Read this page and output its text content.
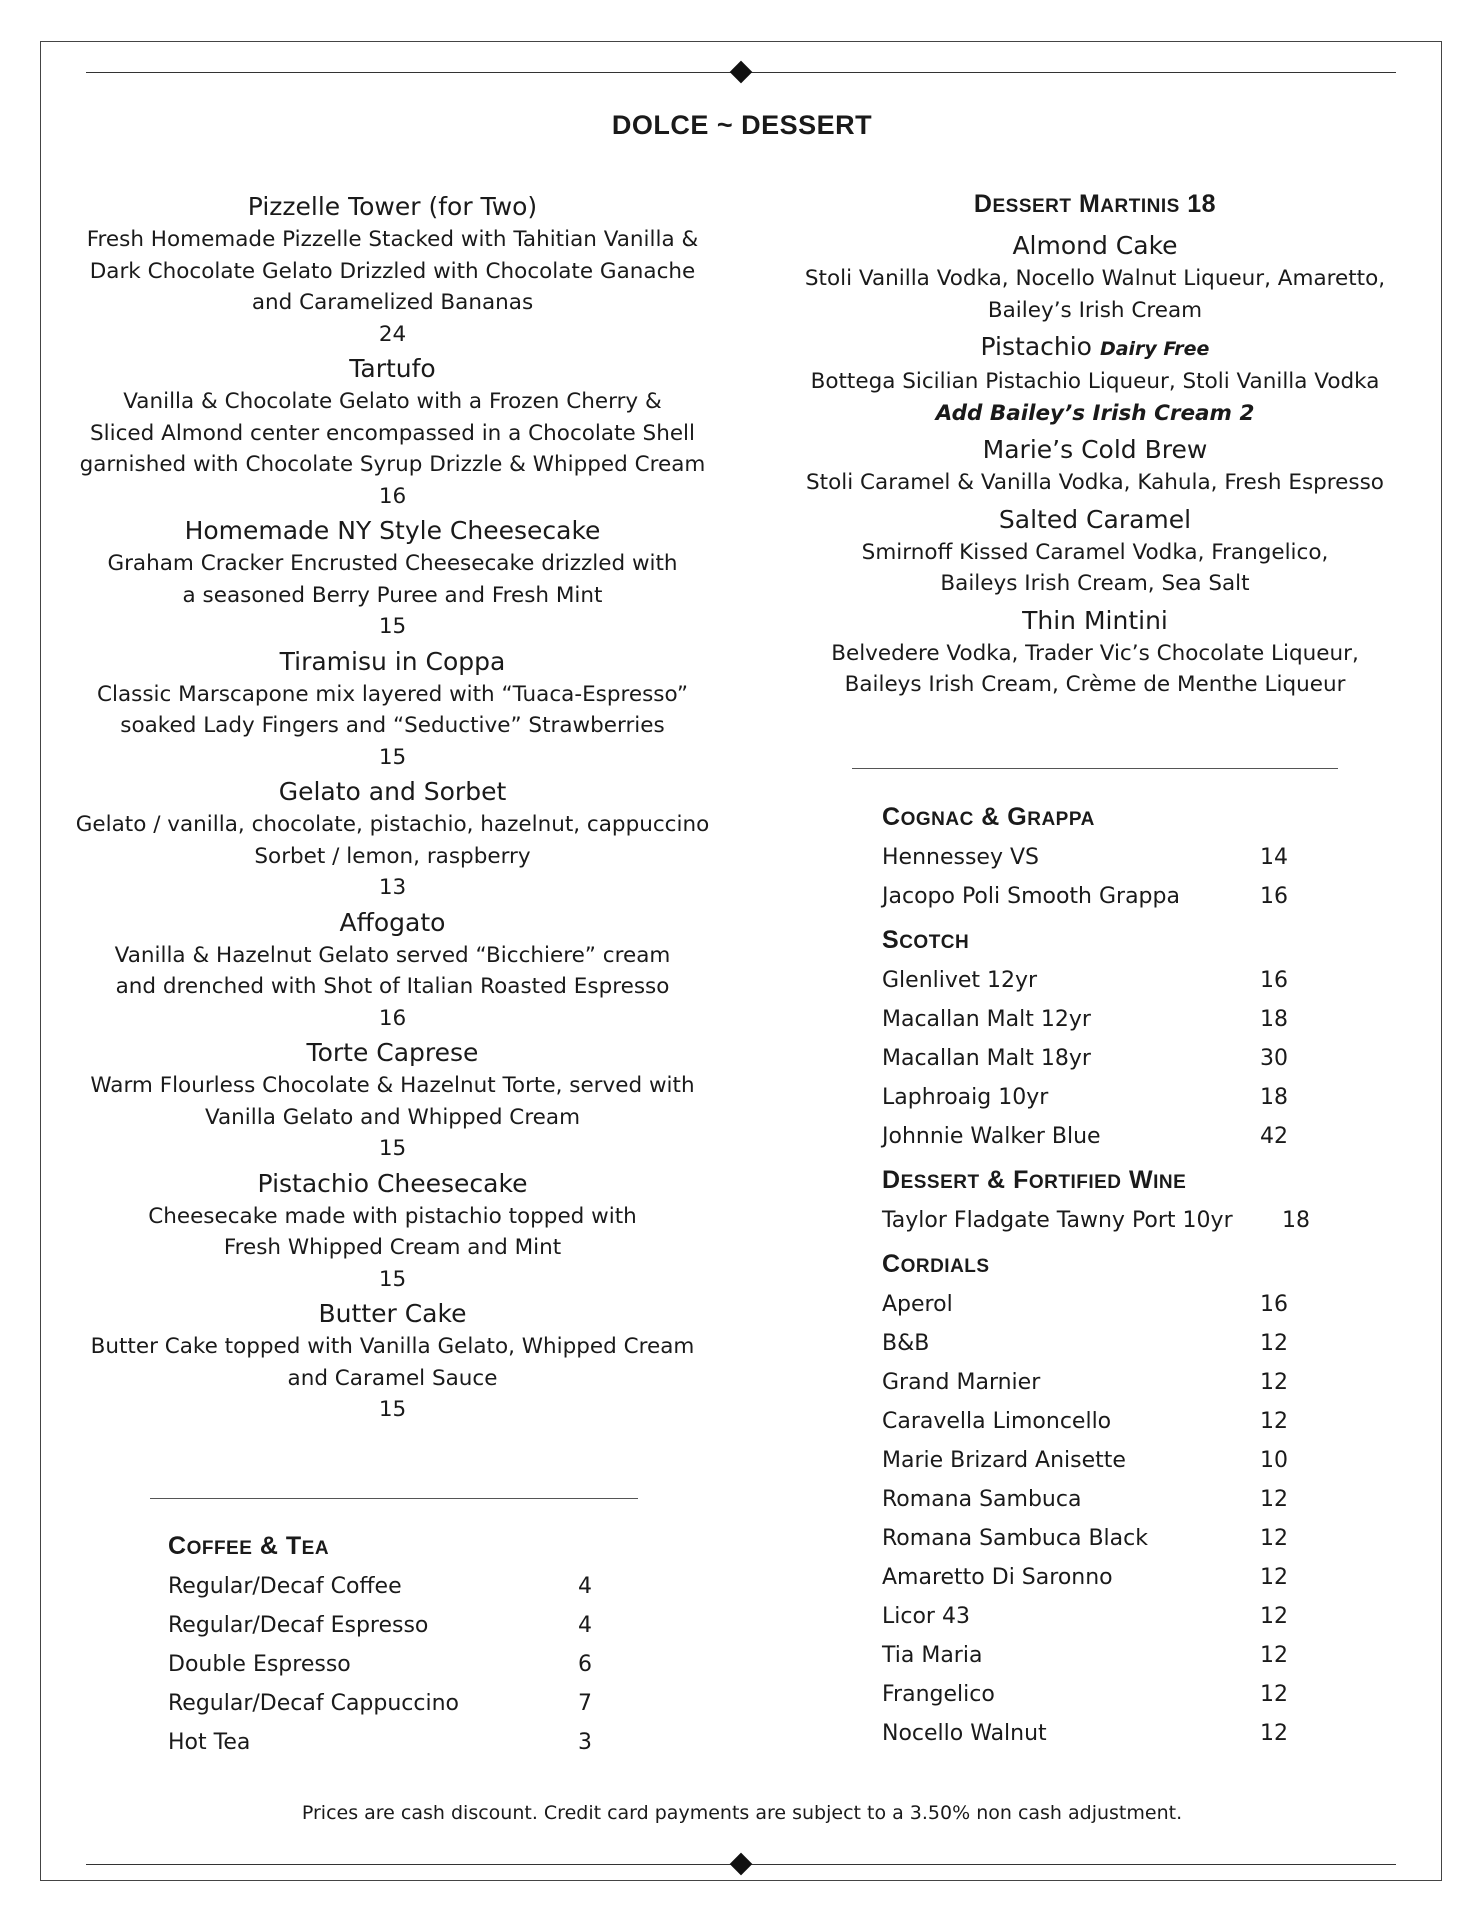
DOLCE ~ DESSERT
Pizzelle Tower (for Two)
Fresh Homemade Pizzelle Stacked with Tahitian Vanilla &
Dark Chocolate Gelato Drizzled with Chocolate Ganache
and Caramelized Bananas
24
Tartufo
Vanilla & Chocolate Gelato with a Frozen Cherry &
Sliced Almond center encompassed in a Chocolate Shell
garnished with Chocolate Syrup Drizzle & Whipped Cream
16
Homemade NY Style Cheesecake
Graham Cracker Encrusted Cheesecake drizzled with
a seasoned Berry Puree and Fresh Mint
15
Tiramisu in Coppa
Classic Marscapone mix layered with “Tuaca-Espresso”
soaked Lady Fingers and “Seductive” Strawberries
15
Gelato and Sorbet
Gelato / vanilla, chocolate, pistachio, hazelnut, cappuccino
Sorbet / lemon, raspberry
13
Affogato
Vanilla & Hazelnut Gelato served “Bicchiere” cream
and drenched with Shot of Italian Roasted Espresso
16
Torte Caprese
Warm Flourless Chocolate & Hazelnut Torte, served with
Vanilla Gelato and Whipped Cream
15
Pistachio Cheesecake
Cheesecake made with pistachio topped with
Fresh Whipped Cream and Mint
15
Butter Cake
Butter Cake topped with Vanilla Gelato, Whipped Cream
and Caramel Sauce
15
COFFEE & TEA
Regular/Decaf Coffee	4
Regular/Decaf Espresso	4
Double Espresso	6
Regular/Decaf Cappuccino	7
Hot Tea	3
DESSERT MARTINIS 18
Almond Cake
Stoli Vanilla Vodka, Nocello Walnut Liqueur, Amaretto,
Bailey’s Irish Cream
Pistachio Dairy Free
Bottega Sicilian Pistachio Liqueur, Stoli Vanilla Vodka
Add Bailey’s Irish Cream 2
Marie’s Cold Brew
Stoli Caramel & Vanilla Vodka, Kahula, Fresh Espresso
Salted Caramel
Smirnoff Kissed Caramel Vodka, Frangelico,
Baileys Irish Cream, Sea Salt
Thin Mintini
Belvedere Vodka, Trader Vic’s Chocolate Liqueur,
Baileys Irish Cream, Crème de Menthe Liqueur
COGNAC & GRAPPA
Hennessey VS	14
Jacopo Poli Smooth Grappa	16
SCOTCH
Glenlivet 12yr	16
Macallan Malt 12yr	18
Macallan Malt 18yr	30
Laphroaig 10yr	18
Johnnie Walker Blue	42
DESSERT & FORTIFIED WINE
Taylor Fladgate Tawny Port 10yr	18
CORDIALS
Aperol	16
B&B	12
Grand Marnier	12
Caravella Limoncello	12
Marie Brizard Anisette	10
Romana Sambuca	12
Romana Sambuca Black	12
Amaretto Di Saronno	12
Licor 43	12
Tia Maria	12
Frangelico	12
Nocello Walnut	12
Prices are cash discount. Credit card payments are subject to a 3.50% non cash adjustment.
